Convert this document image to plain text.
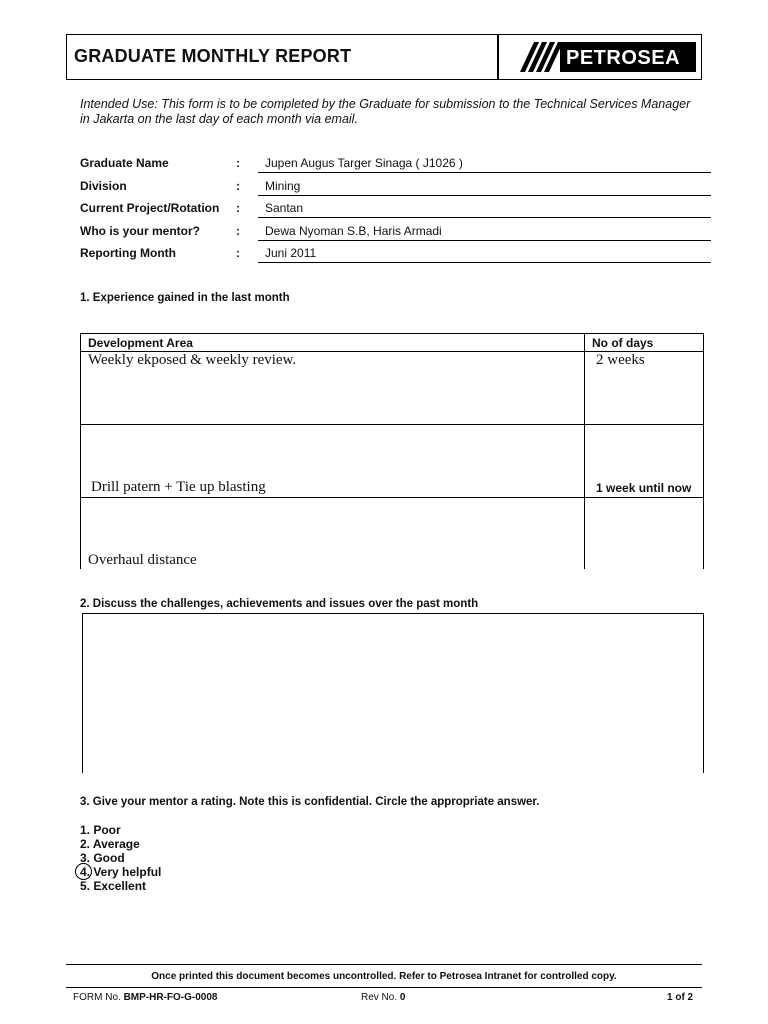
GRADUATE MONTHLY REPORT	PETROSEA
Intended Use: This form is to be completed by the Graduate for submission to the Technical Services Manager in Jakarta on the last day of each month via email.
Graduate Name	: Jupen Augus Targer Sinaga ( J1026 )
Division	: Mining
Current Project/Rotation : Santan
Who is your mentor?	: Dewa Nyoman S.B, Haris Armadi
Reporting Month	: Juni 2011
1. Experience gained in the last month
Development Area	No of days
Weekly ekposed & weekly review.	2 weeks
Drill patern + Tie up blasting	1 week until now
Overhaul distance
2. Discuss the challenges, achievements and issues over the past month
3. Give your mentor a rating. Note this is confidential. Circle the appropriate answer.
1. Poor
2. Average
3. Good
4. Very helpful
5. Excellent
Once printed this document becomes uncontrolled. Refer to Petrosea Intranet for controlled copy.
FORM No. BMP-HR-FO-G-0008	Rev No. 0	1 of 2
